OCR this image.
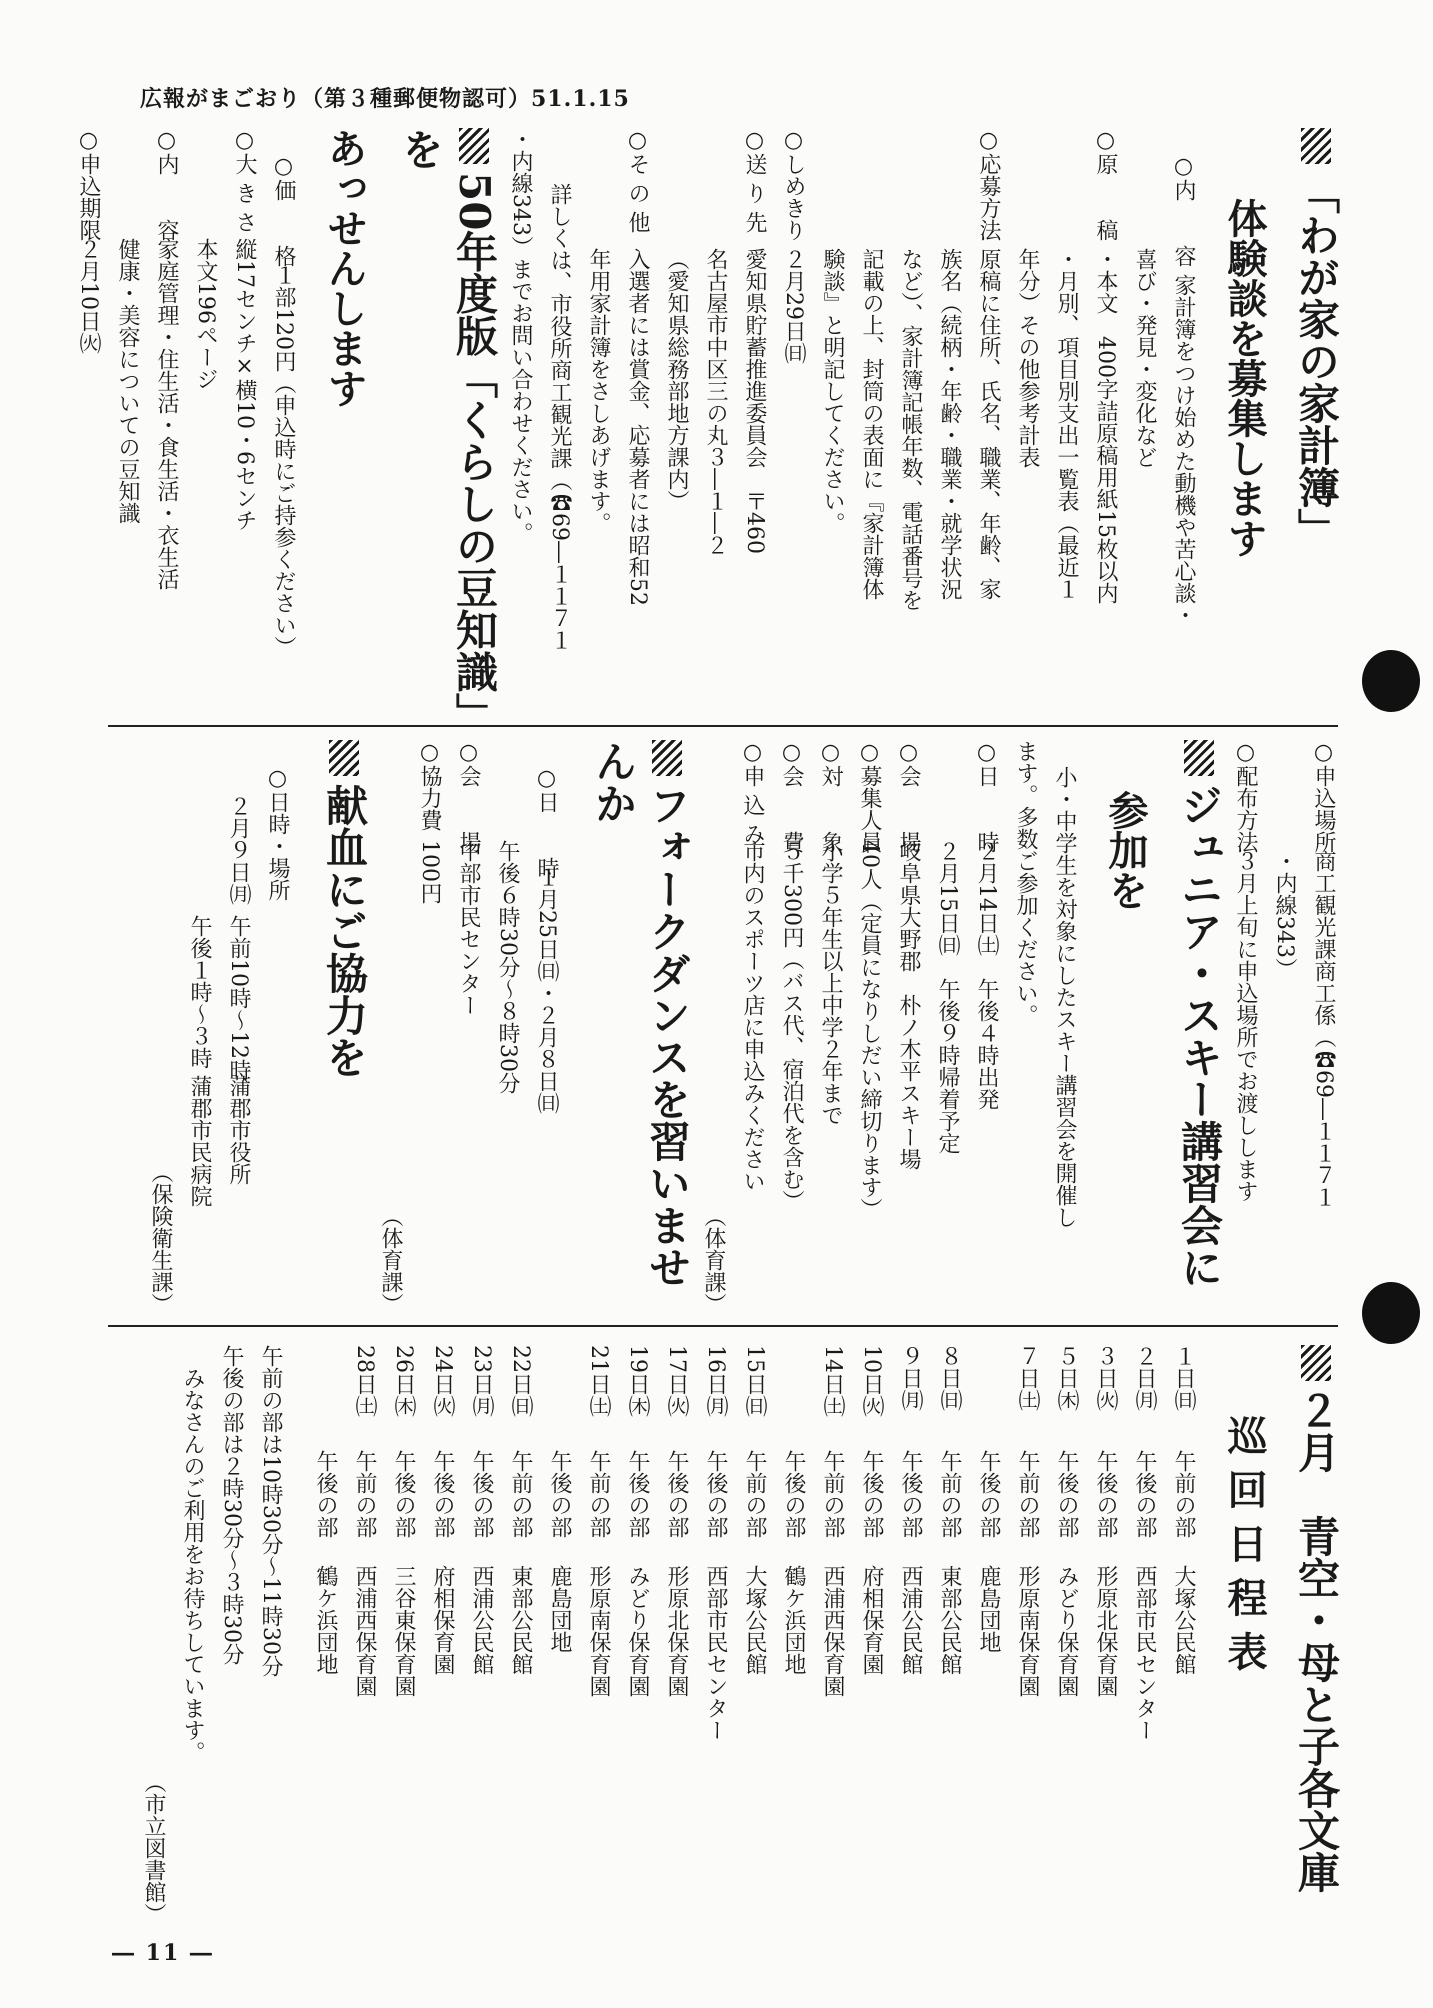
広報がまごおり（第３種郵便物認可）51.1.15
「わが家の家計簿」
体験談を募集します
○内　　容家計簿をつけ始めた動機や苦心談・
喜び・発見・変化など
○原　　稿・本文　400字詰原稿用紙15枚以内
・月別、項目別支出一覧表（最近１
年分）その他参考計表
○応募方法原稿に住所、氏名、職業、年齢、家
族名（続柄・年齢・職業・就学状況
など）、家計簿記帳年数、電話番号を
記載の上、封筒の表面に『家計簿体
験談』と明記してください。
○しめきり２月29日㈰
○送 り 先愛知県貯蓄推進委員会　〒460
名古屋市中区三の丸３―１―２
（愛知県総務部地方課内）
○そ の 他入選者には賞金、応募者には昭和52
年用家計簿をさしあげます。
詳しくは、市役所商工観光課（☎69―１１７１
・内線343）までお問い合わせください。
50年度版「くらしの豆知識」を
あっせんします
○価　　格１部120円（申込時にご持参ください）
○大 き さ縦17センチ×横10・6センチ
本文196ページ
○内　　容家庭管理・住生活・食生活・衣生活
健康・美容についての豆知識
○申込期限２月10日㈫
○申込場所商工観光課商工係（☎69―１１７１
・内線343）
○配布方法３月上旬に申込場所でお渡しします
ジュニア・スキー講習会に
参加を
小・中学生を対象にしたスキー講習会を開催し
ます。多数ご参加ください。
○日　　時２月14日㈯　午後４時出発
２月15日㈰　午後９時帰着予定
○会　　場岐阜県大野郡　朴ノ木平スキー場
○募集人員40人（定員になりしだい締切ります）
○対　　象小学５年生以上中学２年まで
○会　　費５千300円（バス代、宿泊代を含む）
○申 込 み市内のスポーツ店に申込みください
（体育課）
フォークダンスを習いませんか
○日　　時１月25日㈰・２月８日㈰
午後６時30分～８時30分
○会　　場中部市民センター
○協力費100円
（体育課）
献血にご協力を
○日時・場所
２月９日㈪午前10時～12時蒲郡市役所
午後１時～３時蒲郡市民病院
（保険衛生課）
２月　青空・母と子各文庫
巡 回 日 程 表
１日㈰午前の部大塚公民館
２日㈪午後の部西部市民センター
３日㈫午後の部形原北保育園
５日㈭午後の部みどり保育園
７日㈯午前の部形原南保育園
午後の部鹿島団地
８日㈰午前の部東部公民館
９日㈪午後の部西浦公民館
10日㈫午後の部府相保育園
14日㈯午前の部西浦西保育園
午後の部鶴ケ浜団地
15日㈰午前の部大塚公民館
16日㈪午後の部西部市民センター
17日㈫午後の部形原北保育園
19日㈭午後の部みどり保育園
21日㈯午前の部形原南保育園
午後の部鹿島団地
22日㈰午前の部東部公民館
23日㈪午後の部西浦公民館
24日㈫午後の部府相保育園
26日㈭午後の部三谷東保育園
28日㈯午前の部西浦西保育園
午後の部鶴ケ浜団地
午前の部は10時30分～11時30分
午後の部は２時30分～３時30分
みなさんのご利用をお待ちしています。
（市立図書館）
― 11 ―
